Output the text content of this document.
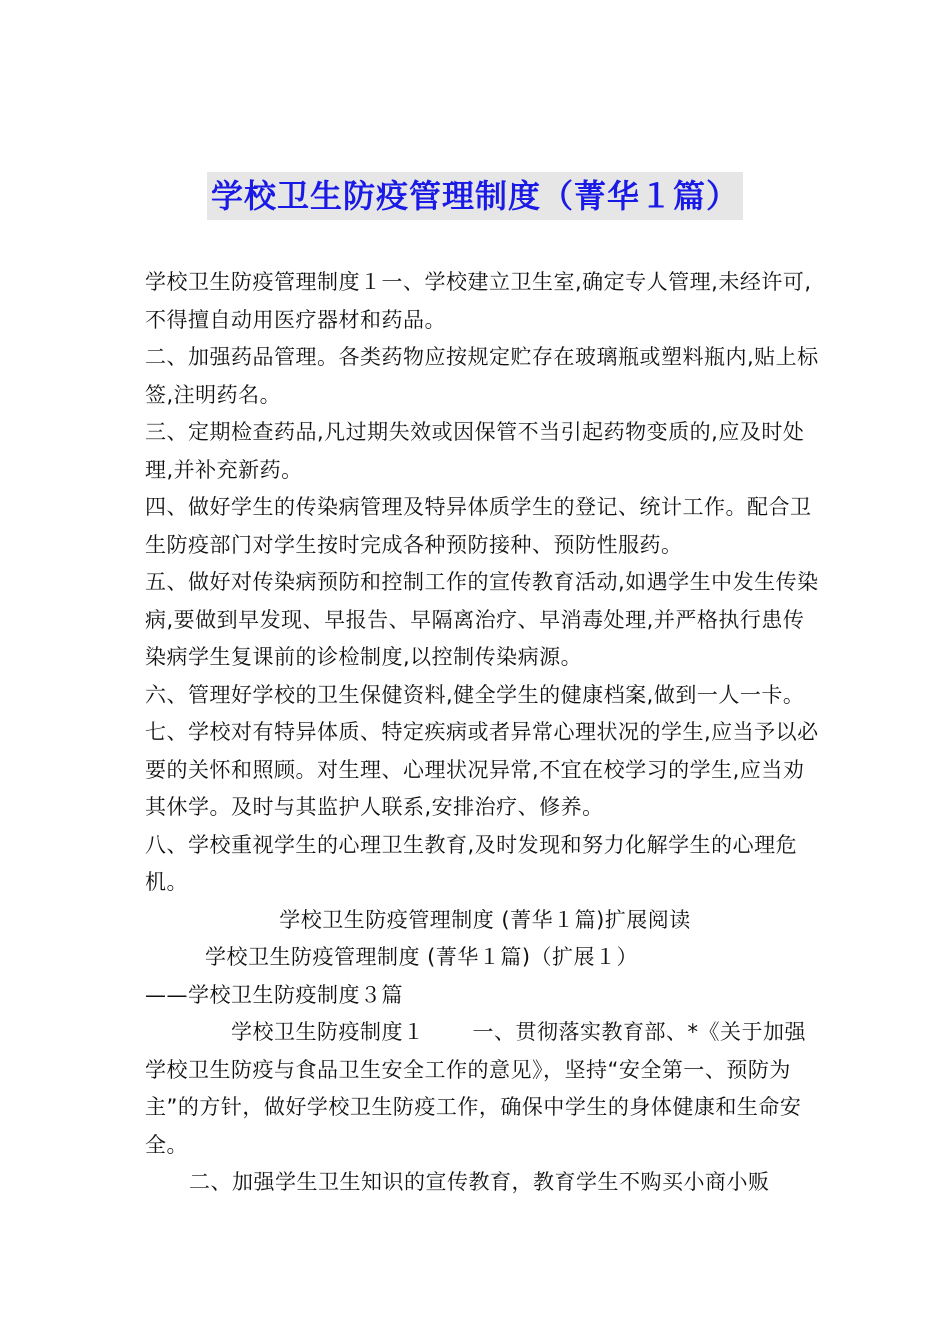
学校卫生防疫管理制度（菁华１篇）

学校卫生防疫管理制度１一、学校建立卫生室,确定专人管理,未经许可,不得擅自动用医疗器材和药品。

二、加强药品管理。各类药物应按规定贮存在玻璃瓶或塑料瓶内,贴上标签,注明药名。

三、定期检查药品,凡过期失效或因保管不当引起药物变质的,应及时处理,并补充新药。

四、做好学生的传染病管理及特异体质学生的登记、统计工作。配合卫生防疫部门对学生按时完成各种预防接种、预防性服药。

五、做好对传染病预防和控制工作的宣传教育活动,如遇学生中发生传染病,要做到早发现、早报告、早隔离治疗、早消毒处理,并严格执行患传染病学生复课前的诊检制度,以控制传染病源。

六、管理好学校的卫生保健资料,健全学生的健康档案,做到一人一卡。

七、学校对有特异体质、特定疾病或者异常心理状况的学生,应当予以必要的关怀和照顾。对生理、心理状况异常,不宜在校学习的学生,应当劝其休学。及时与其监护人联系,安排治疗、修养。

八、学校重视学生的心理卫生教育,及时发现和努力化解学生的心理危机。

学校卫生防疫管理制度 (菁华１篇)扩展阅读

学校卫生防疫管理制度 (菁华１篇)（扩展１）

——学校卫生防疫制度３篇

学校卫生防疫制度１ 一、贯彻落实教育部、*《关于加强学校卫生防疫与食品卫生安全工作的意见》，坚持“安全第一、预防为主”的方针，做好学校卫生防疫工作，确保中学生的身体健康和生命安全。

二、加强学生卫生知识的宣传教育，教育学生不购买小商小贩
